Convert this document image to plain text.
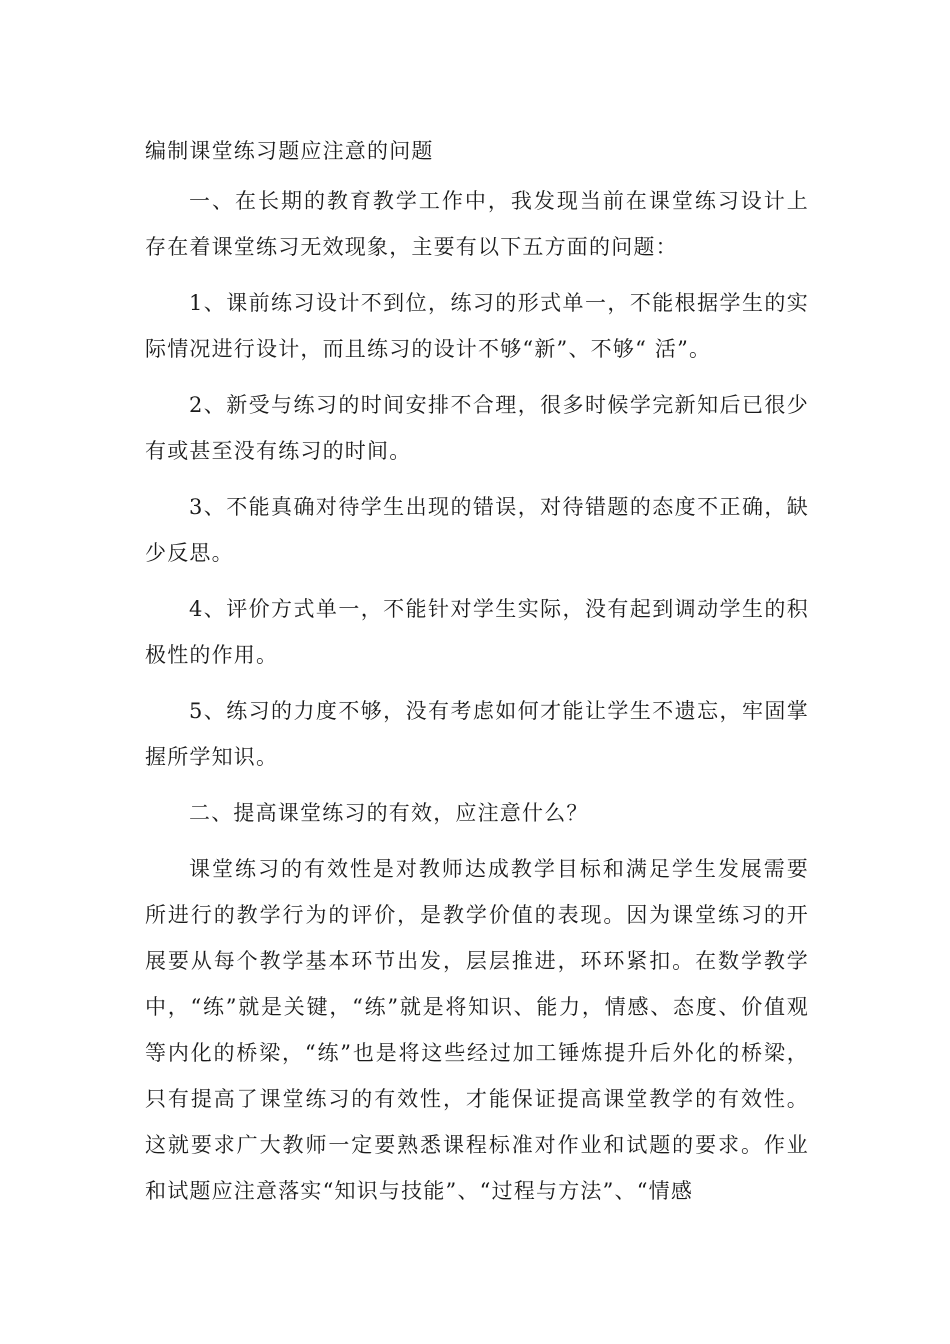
编制课堂练习题应注意的问题

一、在长期的教育教学工作中，我发现当前在课堂练习设计上存在着课堂练习无效现象，主要有以下五方面的问题：

1、课前练习设计不到位，练习的形式单一，不能根据学生的实际情况进行设计，而且练习的设计不够“新”、不够“ 活”。

2、新受与练习的时间安排不合理，很多时候学完新知后已很少有或甚至没有练习的时间。

3、不能真确对待学生出现的错误，对待错题的态度不正确，缺少反思。

4、评价方式单一，不能针对学生实际，没有起到调动学生的积极性的作用。

5、练习的力度不够，没有考虑如何才能让学生不遗忘，牢固掌握所学知识。

二、提高课堂练习的有效，应注意什么？

课堂练习的有效性是对教师达成教学目标和满足学生发展需要所进行的教学行为的评价，是教学价值的表现。因为课堂练习的开展要从每个教学基本环节出发，层层推进，环环紧扣。在数学教学中，“练”就是关键，“练”就是将知识、能力，情感、态度、价值观等内化的桥梁，“练”也是将这些经过加工锤炼提升后外化的桥梁，只有提高了课堂练习的有效性，才能保证提高课堂教学的有效性。这就要求广大教师一定要熟悉课程标准对作业和试题的要求。作业和试题应注意落实“知识与技能”、“过程与方法”、“情感
